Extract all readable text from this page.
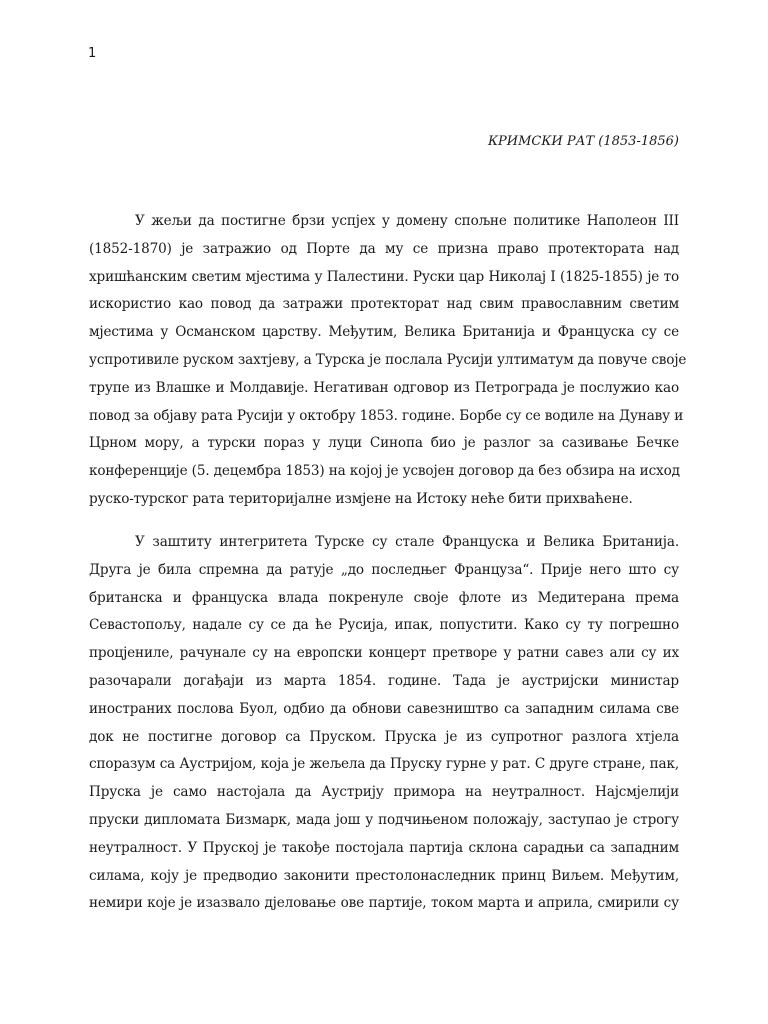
1
КРИМСКИ РАТ (1853-1856)
У жељи да постигне брзи успјех у домену спољне политике Наполеон III
(1852-1870) је затражио од Порте да му се призна право протектората над
хришћанским светим мјестима у Палестини. Руски цар Николај I (1825-1855) је то
искористио као повод да затражи протекторат над свим православним светим
мјестима у Османском царству. Међутим, Велика Британија и Француска су се
успротивиле руском захтјеву, а Турска је послала Русији ултиматум да повуче своје
трупе из Влашке и Молдавије. Негативан одговор из Петрограда је послужио као
повод за објаву рата Русији у октобру 1853. године. Борбе су се водиле на Дунаву и
Црном мору, а турски пораз у луци Синопа био је разлог за сазивање Бечке
конференције (5. децембра 1853) на којој је усвојен договор да без обзира на исход
руско-турског рата територијалне измјене на Истоку неће бити прихваћене.
У заштиту интегритета Турске су стале Француска и Велика Британија.
Друга је била спремна да ратује „до последњег Француза“. Прије него што су
британска и француска влада покренуле своје флоте из Медитерана према
Севастопољу, надале су се да ће Русија, ипак, попустити. Како су ту погрешно
процјениле, рачунале су на европски концерт претворе у ратни савез али су их
разочарали догађаји из марта 1854. године. Тада је аустријски министар
иностраних послова Буол, одбио да обнови савезништво са западним силама све
док не постигне договор са Пруском. Пруска је из супротног разлога хтјела
споразум са Аустријом, која је жељела да Пруску гурне у рат. С друге стране, пак,
Пруска је само настојала да Аустрију примора на неутралност. Најсмјелији
пруски дипломата Бизмарк, мада још у подчињеном положају, заступао је строгу
неутралност. У Пруској је такође постојала партија склона сарадњи са западним
силама, коју је предводио законити престолонаследник принц Виљем. Међутим,
немири које је изазвало дјеловање ове партије, током марта и априла, смирили су
